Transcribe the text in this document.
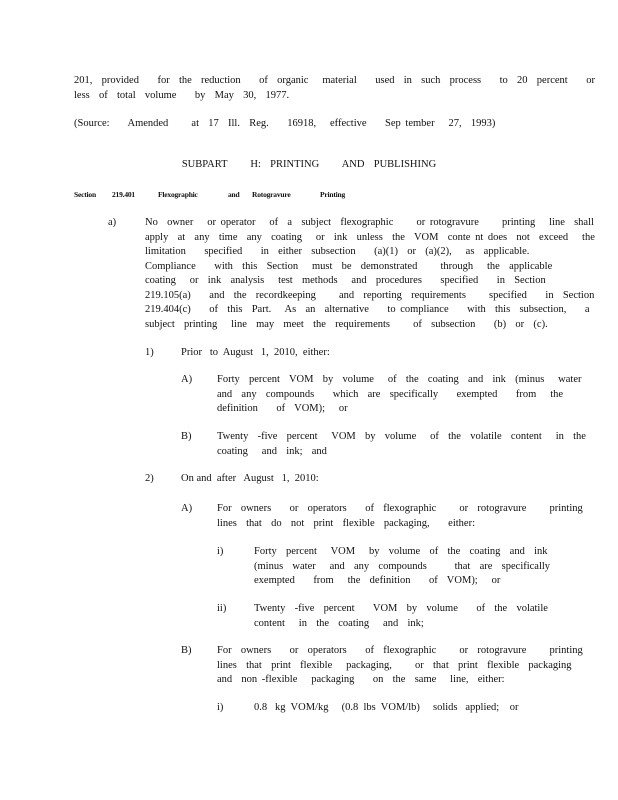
201,  provided    for  the  reduction    of  organic   material    used  in  such  process    to  20  percent    or
less  of  total  volume    by  May  30,  1977.
(Source:    Amended     at  17  Ill.  Reg.    16918,   effective    Sep tember   27,  1993)
SUBPART     H:  PRINTING     AND  PUBLISHING
Section 219.401	Flexographic	and Rotogravure	Printing
a)	No  owner   or operator   of  a  subject  flexographic     or rotogravure     printing   line  shall
apply  at  any  time  any  coating   or  ink  unless  the  VOM  conte nt does  not  exceed   the
limitation    specified    in  either  subsection    (a)(1)  or  (a)(2),   as  applicable.
Compliance    with  this  Section   must  be  demonstrated     through   the  applicable
coating   or  ink  analysis   test  methods   and  procedures    specified    in  Section
219.105(a)    and  the  recordkeeping     and  reporting  requirements     specified    in  Section
219.404(c)    of  this  Part.   As  an  alternative    to compliance    with  this  subsection,    a
subject  printing   line  may  meet  the  requirements     of  subsection    (b)  or  (c).
1)	Prior   to  August   1,  2010,  either:
A) Forty  percent  VOM  by  volume   of  the  coating  and  ink  (minus   water
and  any  compounds    which  are  specifically    exempted    from   the
definition    of  VOM);   or
B) Twenty  -five  percent   VOM  by  volume   of  the  volatile  content   in  the
coating   and  ink;  and
2)	On and  after   August   1,  2010:
A) For  owners    or  operators    of  flexographic     or  rotogravure     printing
lines  that  do  not  print  flexible  packaging,    either:
i)	Forty  percent   VOM   by  volume  of  the  coating  and  ink
(minus  water   and  any  compounds      that  are  specifically
exempted    from   the  definition    of  VOM);   or
ii)	Twenty  -five  percent    VOM  by  volume    of  the  volatile
content   in  the  coating   and  ink;
B) For  owners    or  operators    of  flexographic     or  rotogravure     printing
lines  that  print  flexible   packaging,     or  that  print  flexible  packaging
and  non -flexible   packaging    on  the  same   line,  either:
i)	0.8   kg  VOM/kg     (0.8  lbs  VOM/lb)     solids   applied;    or
